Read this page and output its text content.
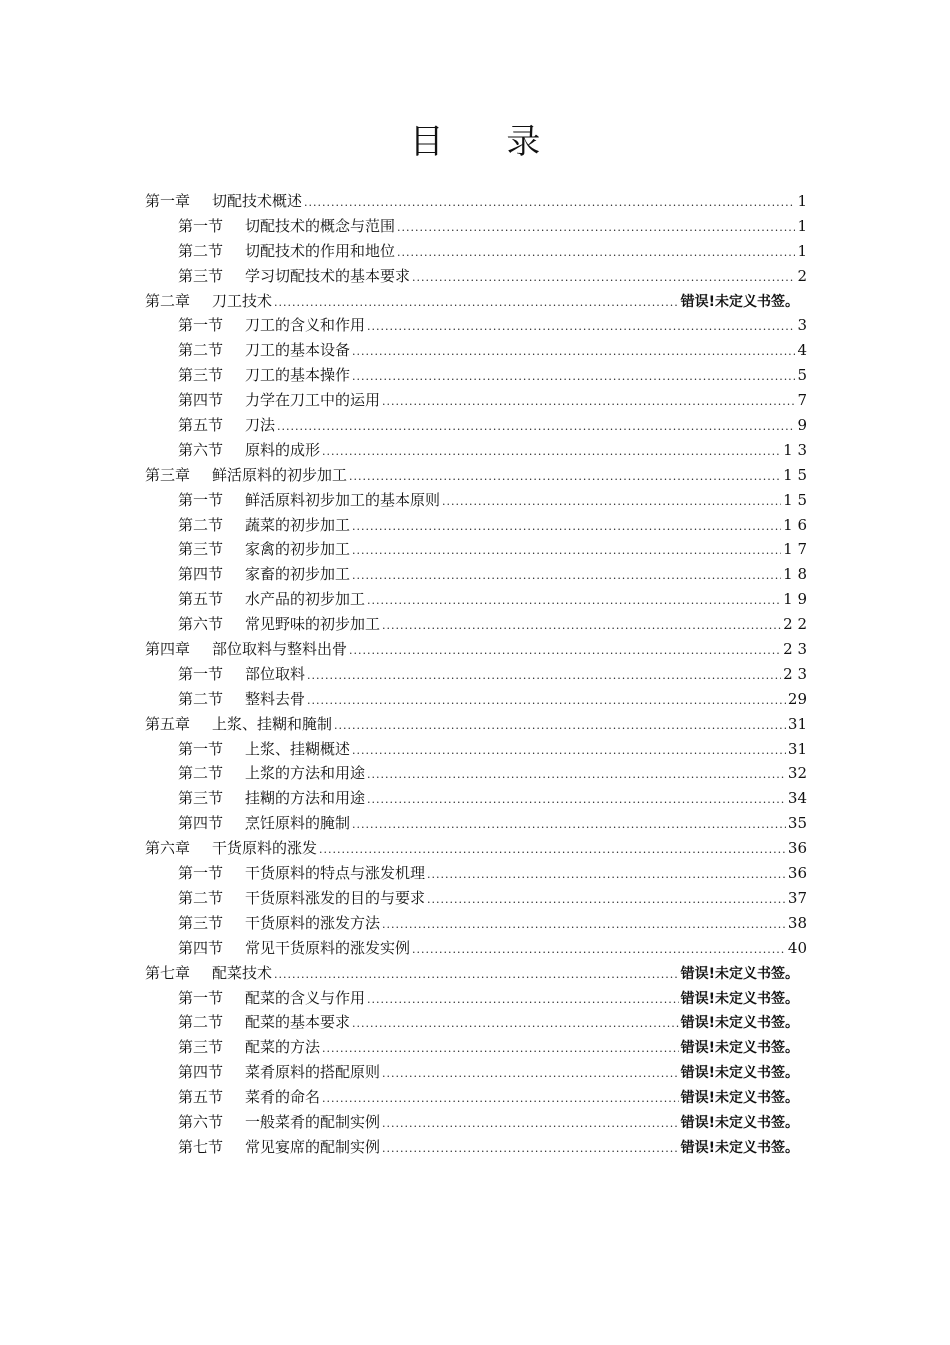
目 录
第一章	切配技术概述 .....	1
第一节	切配技术的概念与范围 .....	1
第二节	切配技术的作用和地位 .....	1
第三节	学习切配技术的基本要求 .....	2
第二章	刀工技术 .....	错误!未定义书签。
第一节	刀工的含义和作用 .....	3
第二节	刀工的基本设备 .....	4
第三节	刀工的基本操作 .....	5
第四节	力学在刀工中的运用 .....	7
第五节	刀法 .....	9
第六节	原料的成形 .....	1 3
第三章	鲜活原料的初步加工 .....	1 5
第一节	鲜活原料初步加工的基本原则 .....	1 5
第二节	蔬菜的初步加工 .....	1 6
第三节	家禽的初步加工 .....	1 7
第四节	家畜的初步加工 .....	1 8
第五节	水产品的初步加工 .....	1 9
第六节	常见野味的初步加工 .....	2 2
第四章	部位取料与整料出骨 .....	2 3
第一节	部位取料 .....	2 3
第二节	整料去骨 .....	29
第五章	上浆、挂糊和腌制 .....	31
第一节	上浆、挂糊概述 .....	31
第二节	上浆的方法和用途 .....	32
第三节	挂糊的方法和用途 .....	34
第四节	烹饪原料的腌制 .....	35
第六章	干货原料的涨发 .....	36
第一节	干货原料的特点与涨发机理 .....	36
第二节	干货原料涨发的目的与要求 .....	37
第三节	干货原料的涨发方法 .....	38
第四节	常见干货原料的涨发实例 .....	40
第七章	配菜技术 .....	错误!未定义书签。
第一节	配菜的含义与作用 .....	错误!未定义书签。
第二节	配菜的基本要求 .....	错误!未定义书签。
第三节	配菜的方法 .....	错误!未定义书签。
第四节	菜肴原料的搭配原则 .....	错误!未定义书签。
第五节	菜肴的命名 .....	错误!未定义书签。
第六节	一般菜肴的配制实例 .....	错误!未定义书签。
第七节	常见宴席的配制实例 .....	错误!未定义书签。
